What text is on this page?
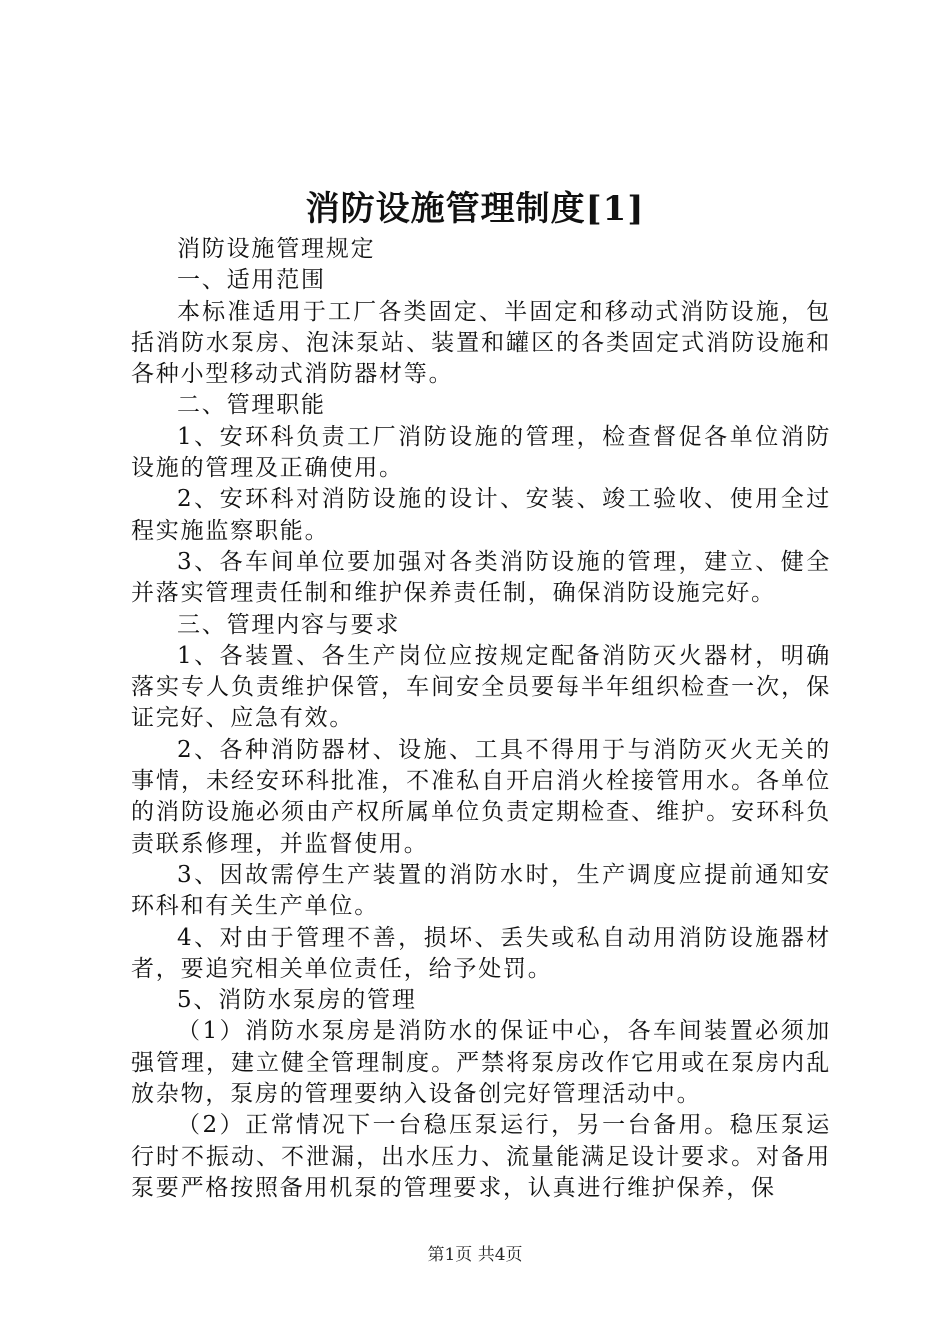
消防设施管理制度[1]

消防设施管理规定

一、适用范围

本标准适用于工厂各类固定、半固定和移动式消防设施，包括消防水泵房、泡沫泵站、装置和罐区的各类固定式消防设施和各种小型移动式消防器材等。

二、管理职能

1、安环科负责工厂消防设施的管理，检查督促各单位消防设施的管理及正确使用。

2、安环科对消防设施的设计、安装、竣工验收、使用全过程实施监察职能。

3、各车间单位要加强对各类消防设施的管理，建立、健全并落实管理责任制和维护保养责任制，确保消防设施完好。

三、管理内容与要求

1、各装置、各生产岗位应按规定配备消防灭火器材，明确落实专人负责维护保管，车间安全员要每半年组织检查一次，保证完好、应急有效。

2、各种消防器材、设施、工具不得用于与消防灭火无关的事情，未经安环科批准，不准私自开启消火栓接管用水。各单位的消防设施必须由产权所属单位负责定期检查、维护。安环科负责联系修理，并监督使用。

3、因故需停生产装置的消防水时，生产调度应提前通知安环科和有关生产单位。

4、对由于管理不善，损坏、丢失或私自动用消防设施器材者，要追究相关单位责任，给予处罚。

5、消防水泵房的管理

（1）消防水泵房是消防水的保证中心，各车间装置必须加强管理，建立健全管理制度。严禁将泵房改作它用或在泵房内乱放杂物，泵房的管理要纳入设备创完好管理活动中。

（2）正常情况下一台稳压泵运行，另一台备用。稳压泵运行时不振动、不泄漏，出水压力、流量能满足设计要求。对备用泵要严格按照备用机泵的管理要求，认真进行维护保养，保

第1页 共4页
